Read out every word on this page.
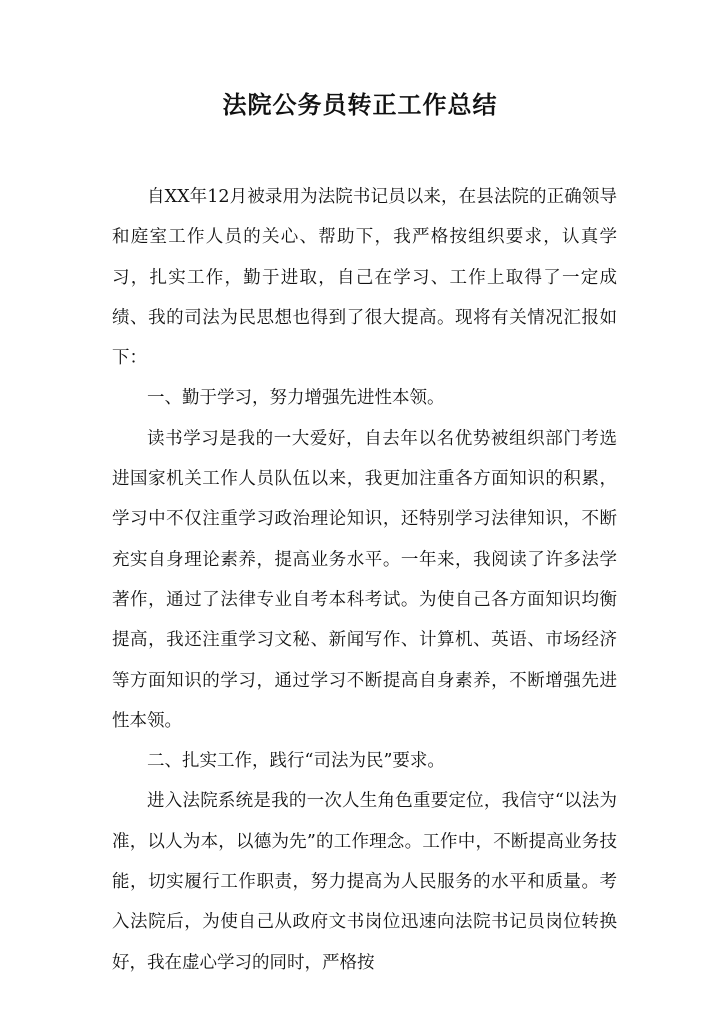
法院公务员转正工作总结

自XX年12月被录用为法院书记员以来，在县法院的正确领导和庭室工作人员的关心、帮助下，我严格按组织要求，认真学习，扎实工作，勤于进取，自己在学习、工作上取得了一定成绩、我的司法为民思想也得到了很大提高。现将有关情况汇报如下：

一、勤于学习，努力增强先进性本领。

读书学习是我的一大爱好，自去年以名优势被组织部门考选进国家机关工作人员队伍以来，我更加注重各方面知识的积累，学习中不仅注重学习政治理论知识，还特别学习法律知识，不断充实自身理论素养，提高业务水平。一年来，我阅读了许多法学著作，通过了法律专业自考本科考试。为使自己各方面知识均衡提高，我还注重学习文秘、新闻写作、计算机、英语、市场经济等方面知识的学习，通过学习不断提高自身素养，不断增强先进性本领。

二、扎实工作，践行“司法为民”要求。

进入法院系统是我的一次人生角色重要定位，我信守“以法为准，以人为本，以德为先”的工作理念。工作中，不断提高业务技能，切实履行工作职责，努力提高为人民服务的水平和质量。考入法院后，为使自己从政府文书岗位迅速向法院书记员岗位转换好，我在虚心学习的同时，严格按
